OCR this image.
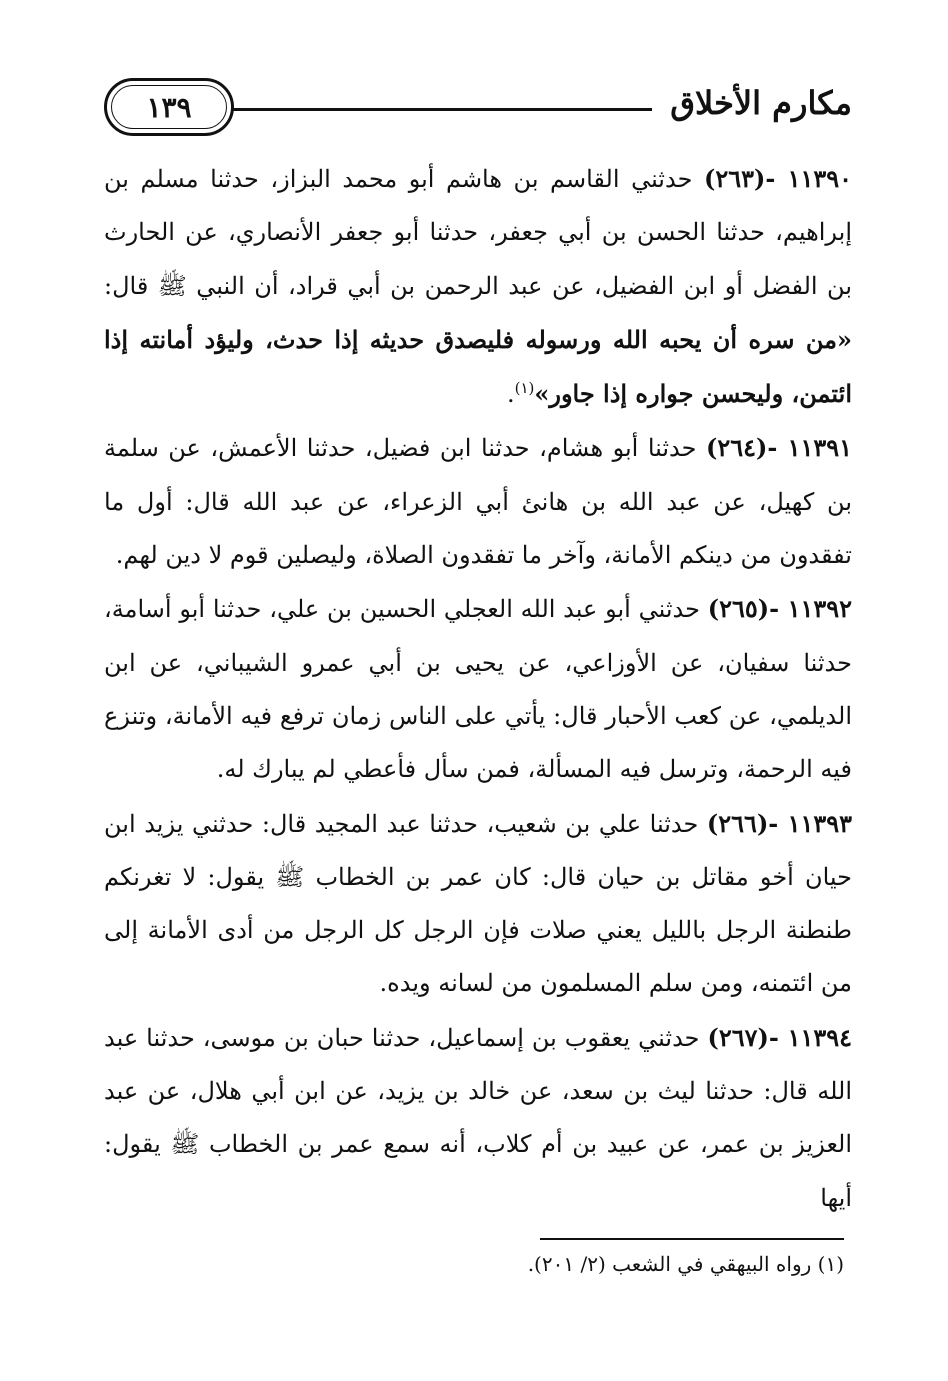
مكارم الأخلاق
١٣٩

١١٣٩٠ -(٢٦٣) حدثني القاسم بن هاشم أبو محمد البزاز، حدثنا مسلم بن إبراهيم، حدثنا الحسن بن أبي جعفر، حدثنا أبو جعفر الأنصاري، عن الحارث بن الفضل أو ابن الفضيل، عن عبد الرحمن بن أبي قراد، أن النبي ﷺ قال: «من سره أن يحبه الله ورسوله فليصدق حديثه إذا حدث، وليؤد أمانته إذا ائتمن، وليحسن جواره إذا جاور»$^{(١)}$.

١١٣٩١ -(٢٦٤) حدثنا أبو هشام، حدثنا ابن فضيل، حدثنا الأعمش، عن سلمة بن كهيل، عن عبد الله بن هانئ أبي الزعراء، عن عبد الله قال: أول ما تفقدون من دينكم الأمانة، وآخر ما تفقدون الصلاة، وليصلين قوم لا دين لهم.

١١٣٩٢ -(٢٦٥) حدثني أبو عبد الله العجلي الحسين بن علي، حدثنا أبو أسامة، حدثنا سفيان، عن الأوزاعي، عن يحيى بن أبي عمرو الشيباني، عن ابن الديلمي، عن كعب الأحبار قال: يأتي على الناس زمان ترفع فيه الأمانة، وتنزع فيه الرحمة، وترسل فيه المسألة، فمن سأل فأعطي لم يبارك له.

١١٣٩٣ -(٢٦٦) حدثنا علي بن شعيب، حدثنا عبد المجيد قال: حدثني يزيد ابن حيان أخو مقاتل بن حيان قال: كان عمر بن الخطاب ﷺ يقول: لا تغرنكم طنطنة الرجل بالليل يعني صلات فإن الرجل كل الرجل من أدى الأمانة إلى من ائتمنه، ومن سلم المسلمون من لسانه ويده.

١١٣٩٤ -(٢٦٧) حدثني يعقوب بن إسماعيل، حدثنا حبان بن موسى، حدثنا عبد الله قال: حدثنا ليث بن سعد، عن خالد بن يزيد، عن ابن أبي هلال، عن عبد العزيز بن عمر، عن عبيد بن أم كلاب، أنه سمع عمر بن الخطاب ﷺ يقول: أيها

(١) رواه البيهقي في الشعب (٢/ ٢٠١).
